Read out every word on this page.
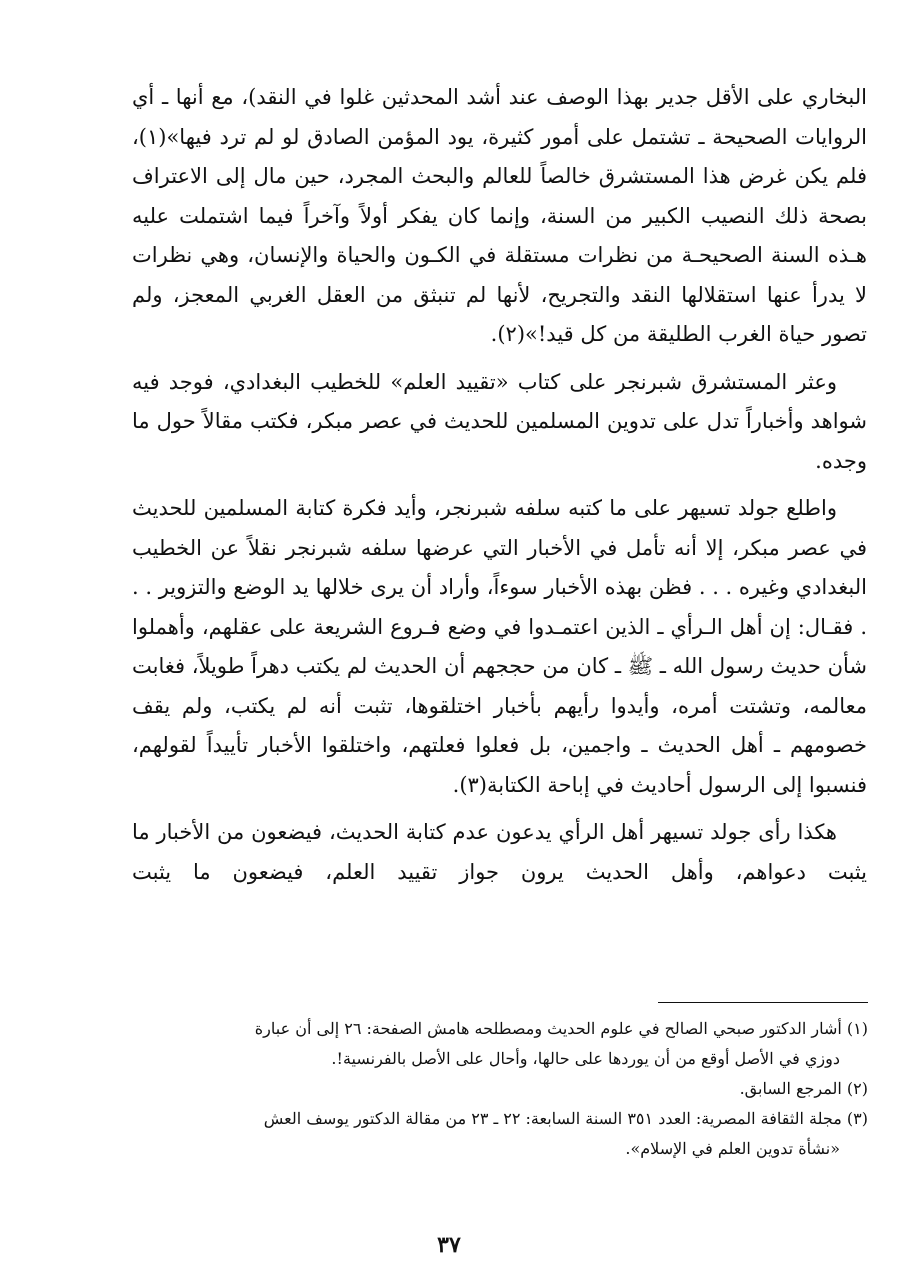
البخاري على الأقل جدير بهذا الوصف عند أشد المحدثين غلوا في النقد)، مع أنها ـ أي الروايات الصحيحة ـ تشتمل على أمور كثيرة، يود المؤمن الصادق لو لم ترد فيها»(١)، فلم يكن غرض هذا المستشرق خالصاً للعالم والبحث المجرد، حين مال إلى الاعتراف بصحة ذلك النصيب الكبير من السنة، وإنما كان يفكر أولاً وآخراً فيما اشتملت عليه هـذه السنة الصحيحـة من نظرات مستقلة في الكـون والحياة والإنسان، وهي نظرات لا يدرأ عنها استقلالها النقد والتجريح، لأنها لم تنبثق من العقل الغربي المعجز، ولم تصور حياة الغرب الطليقة من كل قيد!»(٢).

وعثر المستشرق شبرنجر على كتاب «تقييد العلم» للخطيب البغدادي، فوجد فيه شواهد وأخباراً تدل على تدوين المسلمين للحديث في عصر مبكر، فكتب مقالاً حول ما وجده.

واطلع جولد تسيهر على ما كتبه سلفه شبرنجر، وأيد فكرة كتابة المسلمين للحديث في عصر مبكر، إلا أنه تأمل في الأخبار التي عرضها سلفه شبرنجر نقلاً عن الخطيب البغدادي وغيره . . . فظن بهذه الأخبار سوءاً، وأراد أن يرى خلالها يد الوضع والتزوير . . . فقـال: إن أهل الـرأي ـ الذين اعتمـدوا في وضع فـروع الشريعة على عقلهم، وأهملوا شأن حديث رسول الله ـ ﷺ ـ كان من حججهم أن الحديث لم يكتب دهراً طويلاً، فغابت معالمه، وتشتت أمره، وأيدوا رأيهم بأخبار اختلقوها، تثبت أنه لم يكتب، ولم يقف خصومهم ـ أهل الحديث ـ واجمين، بل فعلوا فعلتهم، واختلقوا الأخبار تأييداً لقولهم، فنسبوا إلى الرسول أحاديث في إباحة الكتابة(٣).

هكذا رأى جولد تسيهر أهل الرأي يدعون عدم كتابة الحديث، فيضعون من الأخبار ما يثبت دعواهم، وأهل الحديث يرون جواز تقييد العلم، فيضعون ما يثبت

(١) أشار الدكتور صبحي الصالح في علوم الحديث ومصطلحه هامش الصفحة: ٢٦ إلى أن عبارة

دوزي في الأصل أوقع من أن يوردها على حالها، وأحال على الأصل بالفرنسية!.

(٢) المرجع السابق.

(٣) مجلة الثقافة المصرية: العدد ٣٥١ السنة السابعة: ٢٢ ـ ٢٣ من مقالة الدكتور يوسف العش

«نشأة تدوين العلم في الإسلام».

٣٧
